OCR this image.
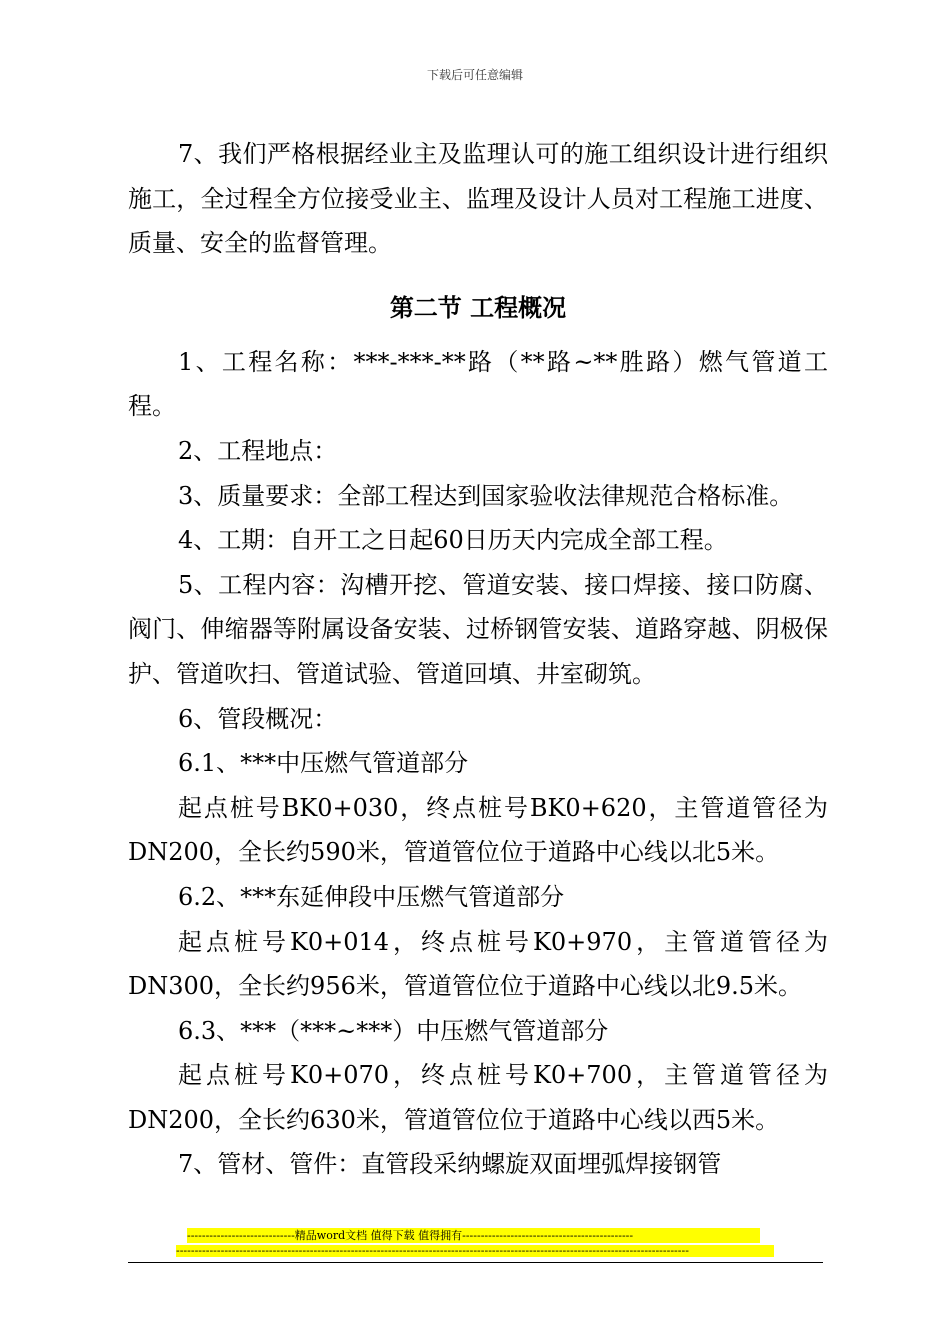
下载后可任意编辑

7、我们严格根据经业主及监理认可的施工组织设计进行组织施工，全过程全方位接受业主、监理及设计人员对工程施工进度、质量、安全的监督管理。

第二节 工程概况

1、工程名称：***-***-**路（**路~**胜路）燃气管道工程。

2、工程地点：

3、质量要求：全部工程达到国家验收法律规范合格标准。

4、工期：自开工之日起60日历天内完成全部工程。

5、工程内容：沟槽开挖、管道安装、接口焊接、接口防腐、阀门、伸缩器等附属设备安装、过桥钢管安装、道路穿越、阴极保护、管道吹扫、管道试验、管道回填、井室砌筑。

6、管段概况：

6.1、***中压燃气管道部分

起点桩号BK0+030，终点桩号BK0+620，主管道管径为DN200，全长约590米，管道管位位于道路中心线以北5米。

6.2、***东延伸段中压燃气管道部分

起点桩号K0+014，终点桩号K0+970，主管道管径为DN300，全长约956米，管道管位位于道路中心线以北9.5米。

6.3、***（***~***）中压燃气管道部分

起点桩号K0+070，终点桩号K0+700，主管道管径为DN200，全长约630米，管道管位位于道路中心线以西5米。

7、管材、管件：直管段采纳螺旋双面埋弧焊接钢管

-----------------------------精品word文档 值得下载 值得拥有----------------------------------------------
------------------------------------------------------------------------------------------------------------------------------------------
